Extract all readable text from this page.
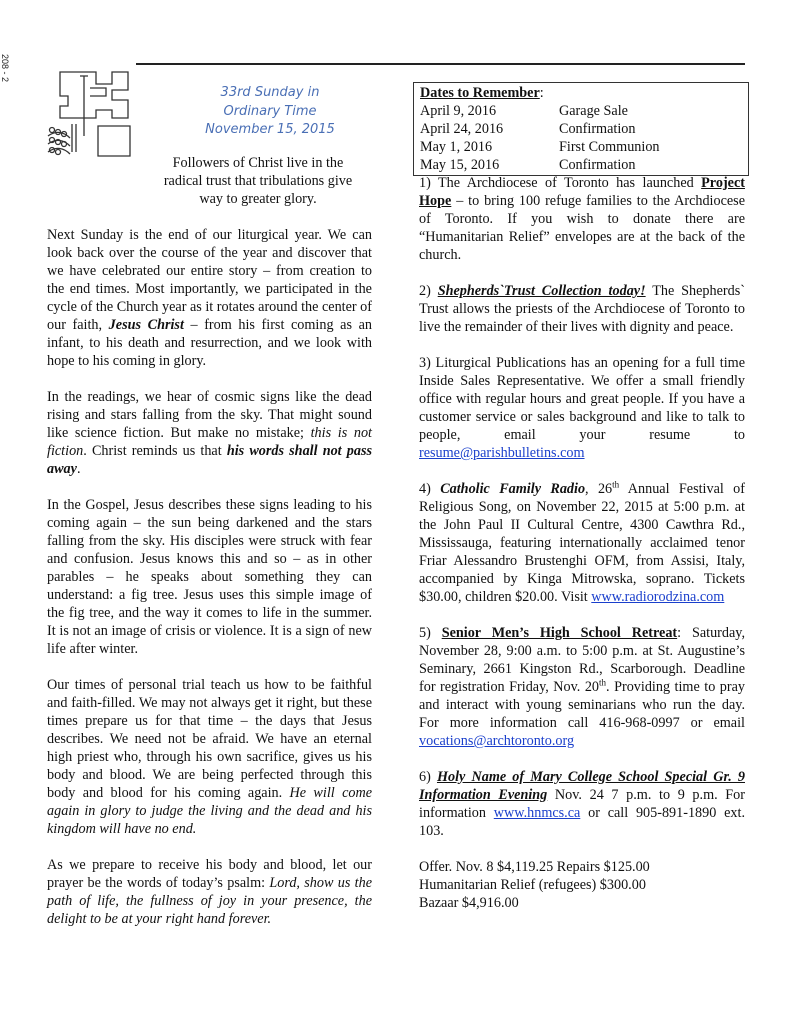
208 - 2
33rd Sunday in
Ordinary Time
November 15, 2015
Followers of Christ live in the
radical trust that tribulations give
way to greater glory.

Next Sunday is the end of our liturgical year. We can look back over the course of the year and discover that we have celebrated our entire story – from creation to the end times. Most importantly, we participated in the cycle of the Church year as it rotates around the center of our faith, Jesus Christ – from his first coming as an infant, to his death and resurrection, and we look with hope to his coming in glory.

In the readings, we hear of cosmic signs like the dead rising and stars falling from the sky. That might sound like science fiction. But make no mistake; this is not fiction. Christ reminds us that his words shall not pass away.

In the Gospel, Jesus describes these signs leading to his coming again – the sun being darkened and the stars falling from the sky. His disciples were struck with fear and confusion. Jesus knows this and so – as in other parables – he speaks about something they can understand: a fig tree. Jesus uses this simple image of the fig tree, and the way it comes to life in the summer. It is not an image of crisis or violence. It is a sign of new life after winter.

Our times of personal trial teach us how to be faithful and faith-filled. We may not always get it right, but these times prepare us for that time – the days that Jesus describes. We need not be afraid. We have an eternal high priest who, through his own sacrifice, gives us his body and blood. We are being perfected through this body and blood for his coming again. He will come again in glory to judge the living and the dead and his kingdom will have no end.

As we prepare to receive his body and blood, let our prayer be the words of today’s psalm: Lord, show us the path of life, the fullness of joy in your presence, the delight to be at your right hand forever.

Dates to Remember:
April 9, 2016	Garage Sale
April 24, 2016	Confirmation
May 1, 2016	First Communion
May 15, 2016	Confirmation

1) The Archdiocese of Toronto has launched Project Hope – to bring 100 refuge families to the Archdiocese of Toronto. If you wish to donate there are “Humanitarian Relief” envelopes are at the back of the church.

2) Shepherds`Trust Collection today! The Shepherds` Trust allows the priests of the Archdiocese of Toronto to live the remainder of their lives with dignity and peace.

3) Liturgical Publications has an opening for a full time Inside Sales Representative. We offer a small friendly office with regular hours and great people. If you have a customer service or sales background and like to talk to people, email your resume to resume@parishbulletins.com

4) Catholic Family Radio, 26th Annual Festival of Religious Song, on November 22, 2015 at 5:00 p.m. at the John Paul II Cultural Centre, 4300 Cawthra Rd., Mississauga, featuring internationally acclaimed tenor Friar Alessandro Brustenghi OFM, from Assisi, Italy, accompanied by Kinga Mitrowska, soprano. Tickets $30.00, children $20.00. Visit www.radiorodzina.com

5) Senior Men’s High School Retreat: Saturday, November 28, 9:00 a.m. to 5:00 p.m. at St. Augustine’s Seminary, 2661 Kingston Rd., Scarborough. Deadline for registration Friday, Nov. 20th. Providing time to pray and interact with young seminarians who run the day. For more information call 416-968-0997 or email vocations@archtoronto.org

6) Holy Name of Mary College School Special Gr. 9 Information Evening Nov. 24 7 p.m. to 9 p.m. For information www.hnmcs.ca or call 905-891-1890 ext. 103.

Offer. Nov. 8 $4,119.25 Repairs $125.00
Humanitarian Relief (refugees) $300.00
Bazaar $4,916.00
